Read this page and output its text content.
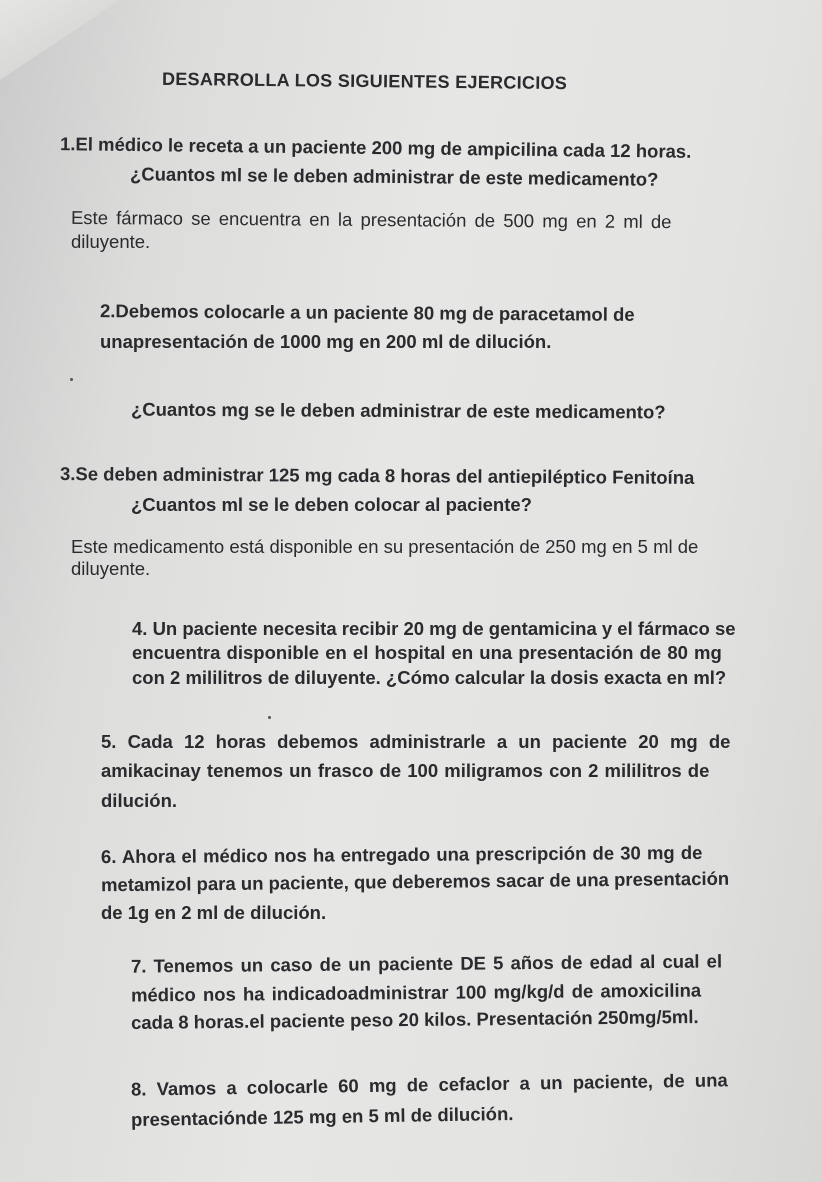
DESARROLLA LOS SIGUIENTES EJERCICIOS
1.El médico le receta a un paciente 200 mg de ampicilina cada 12 horas.
¿Cuantos ml se le deben administrar de este medicamento?
Este fármaco se encuentra en la presentación de 500 mg en 2 ml de
diluyente.
2.Debemos colocarle a un paciente 80 mg de paracetamol de
unapresentación de 1000 mg en 200 ml de dilución.
¿Cuantos mg se le deben administrar de este medicamento?
3.Se deben administrar 125 mg cada 8 horas del antiepiléptico Fenitoína
¿Cuantos ml se le deben colocar al paciente?
Este medicamento está disponible en su presentación de 250 mg en 5 ml de
diluyente.
4. Un paciente necesita recibir 20 mg de gentamicina y el fármaco se
encuentra disponible en el hospital en una presentación de 80 mg
con 2 mililitros de diluyente. ¿Cómo calcular la dosis exacta en ml?
5. Cada 12 horas debemos administrarle a un paciente 20 mg de
amikacinay tenemos un frasco de 100 miligramos con 2 mililitros de
dilución.
6. Ahora el médico nos ha entregado una prescripción de 30 mg de
metamizol para un paciente, que deberemos sacar de una presentación
de 1g en 2 ml de dilución.
7. Tenemos un caso de un paciente DE 5 años de edad al cual el
médico nos ha indicadoadministrar 100 mg/kg/d de amoxicilina
cada 8 horas.el paciente peso 20 kilos. Presentación 250mg/5ml.
8. Vamos a colocarle 60 mg de cefaclor a un paciente, de una
presentaciónde 125 mg en 5 ml de dilución.
